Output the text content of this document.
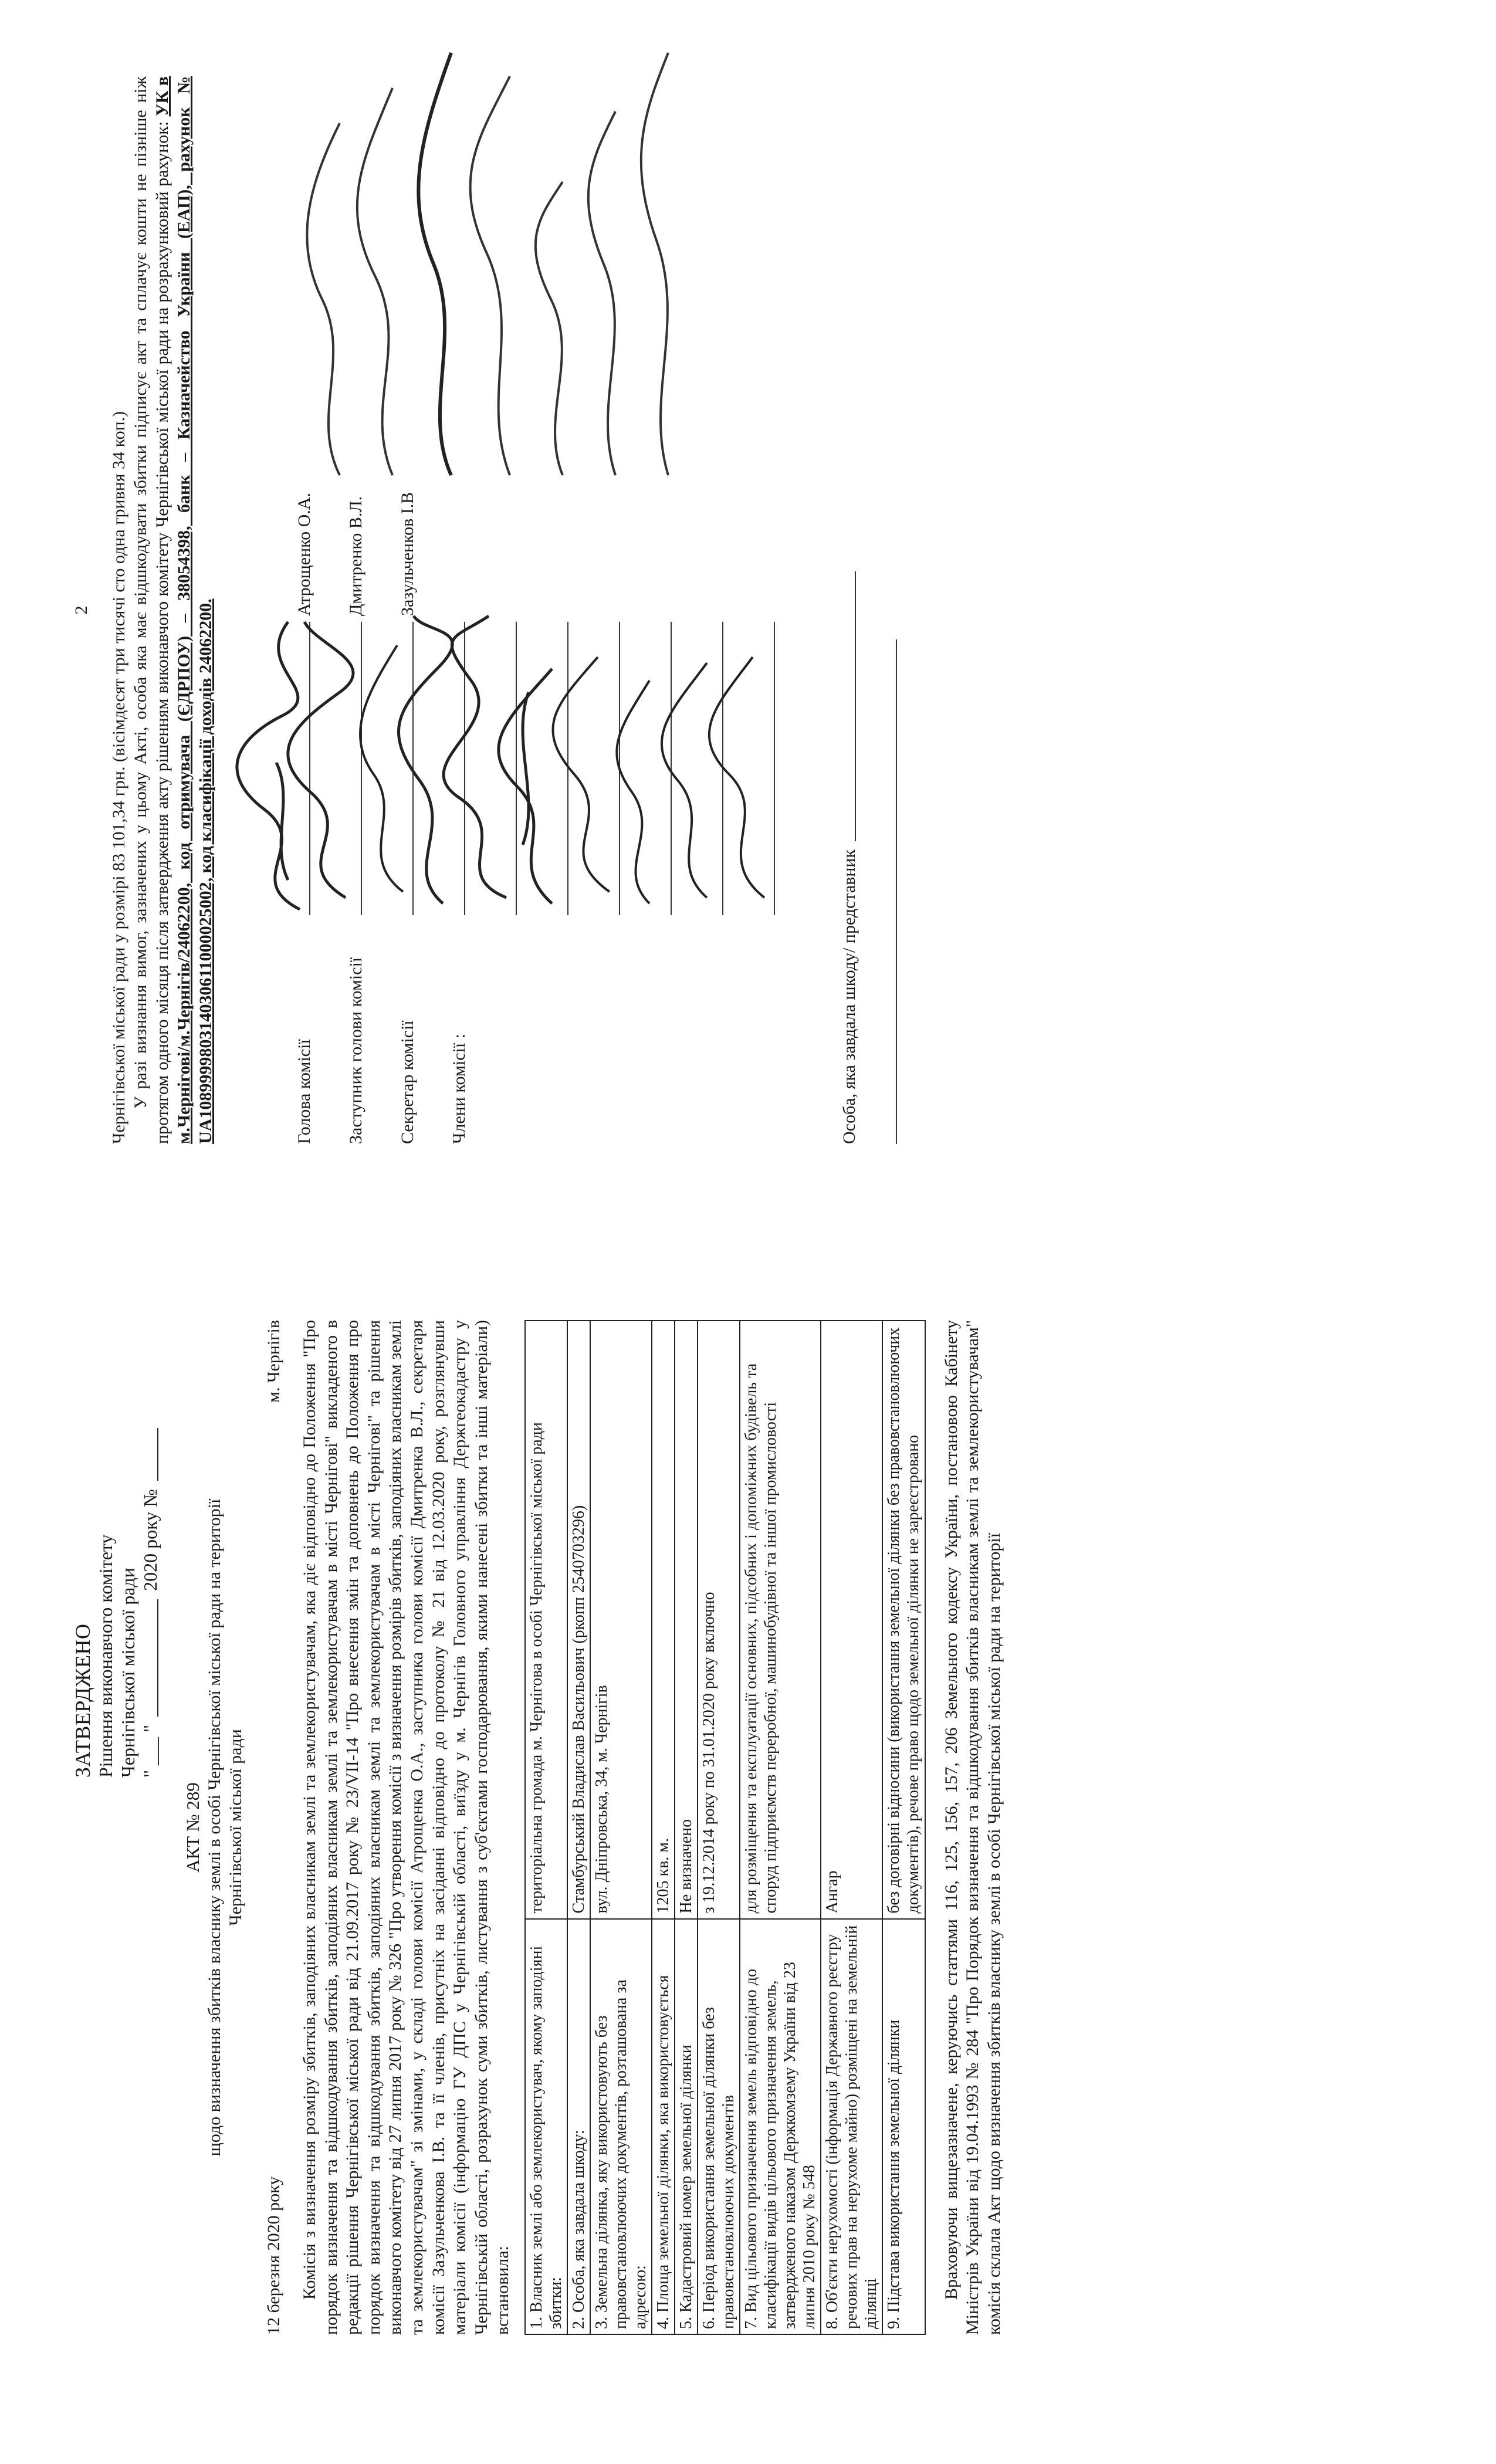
ЗАТВЕРДЖЕНО Рішення виконавчого комітету Чернігівської міської ради " ___ "
2020 року №
АКТ № 289 щодо визначення збитків власнику землі в особі Чернігівської міської ради на території Чернігівської міської ради
12 березня 2020 року
м. Чернігів Комісія з визначення розміру збитків, заподіяних власникам землі та землекористувачам, яка діє відповідно до Положення "Про порядок визначення та відшкодування збитків, заподіяних власникам землі та землекористувачам в місті Чернігові" викладеного в редакції рішення Чернігівської міської ради від 21.09.2017 року № 23/VII-14 "Про внесення змін та доповнень до Положення про порядок визначення та відшкодування збитків, заподіяних власникам землі та землекористувачам в місті Чернігові" та рішення виконавчого комітету від 27 липня 2017 року № 326 "Про утворення комісії з визначення розмірів збитків, заподіяних власникам землі та землекористувачам" зі змінами, у складі голови комісії Атрощенка О.А., заступника голови комісії Дмитренка В.Л., секретаря комісії Зазульченкова І.В. та її членів, присутніх на засіданні відповідно до протоколу № 21 від 12.03.2020 року, розглянувши матеріали комісії (інформацію ГУ ДПС у Чернігівській області, виїзду у м. Чернігів Головного управління Держгеокадастру у Чернігівській області, розрахунок суми збитків, листування з суб'єктами господарювання, якими нанесені збитки та інші матеріали) встановила: 1. Власник землі або землекористувач, якому заподіяні збитки:	територіальна громада м. Чернігова в особі Чернігівської міської ради
2. Особа, яка завдала шкоду:	Стамбурський Владислав Васильович (ркопп 2540703296)
3. Земельна ділянка, яку використовують без правовстановлюючих документів, розташована за адресою:	вул. Дніпровська, 34, м. Чернігів
4. Площа земельної ділянки, яка використовується	1205 кв. м.
5. Кадастровий номер земельної ділянки	Не визначено
6. Період використання земельної ділянки без правовстановлюючих документів	з 19.12.2014 року по 31.01.2020 року включно
7. Вид цільового призначення земель відповідно до класифікації видів цільового призначення земель, затвердженого наказом Держкомзему України від 23 липня 2010 року № 548	для розміщення та експлуатації основних, підсобних і допоміжних будівель та споруд підприємств переробної, машинобудівної та іншої промисловості
8. Об'єкти нерухомості (інформація Державного реєстру речових прав на нерухоме майно) розміщені на земельній ділянці	Ангар
9. Підстава використання земельної ділянки	без договірні відносини (використання земельної ділянки без правовстановлюючих документів), речове право щодо земельної ділянки не зареєстровано Враховуючи вищезазначене, керуючись статтями 116, 125, 156, 157, 206 Земельного кодексу України, постановою Кабінету Міністрів України від 19.04.1993 № 284 "Про Порядок визначення та відшкодування збитків власникам землі та землекористувачам" комісія склала Акт щодо визначення збитків власнику землі в особі Чернігівської міської ради на території

2 Чернігівської міської ради у розмірі 83 101,34 грн. (вісімдесят три тисячі сто одна гривня 34 коп.) У разі визнання вимог, зазначених у цьому Акті, особа яка має відшкодувати збитки підписує акт та сплачує кошти не пізніше ніж протягом одного місяця після затвердження акту рішенням виконавчого комітету Чернігівської міської ради на розрахунковий рахунок: УК в м.Чернігові/м.Чернігів/24062200, код отримувача (ЄДРПОУ) – 38054398, банк – Казначейство України (ЕАП), рахунок № UA108999980314030611000025002, код класифікації доходів 24062200.	Голова комісії
Атрощенко О.А.
Заступник голови комісії
Дмитренко В.Л.
Секретар комісії
Зазульченков І.В
Члени комісії :	Особа, яка завдала шкоду/ представник
